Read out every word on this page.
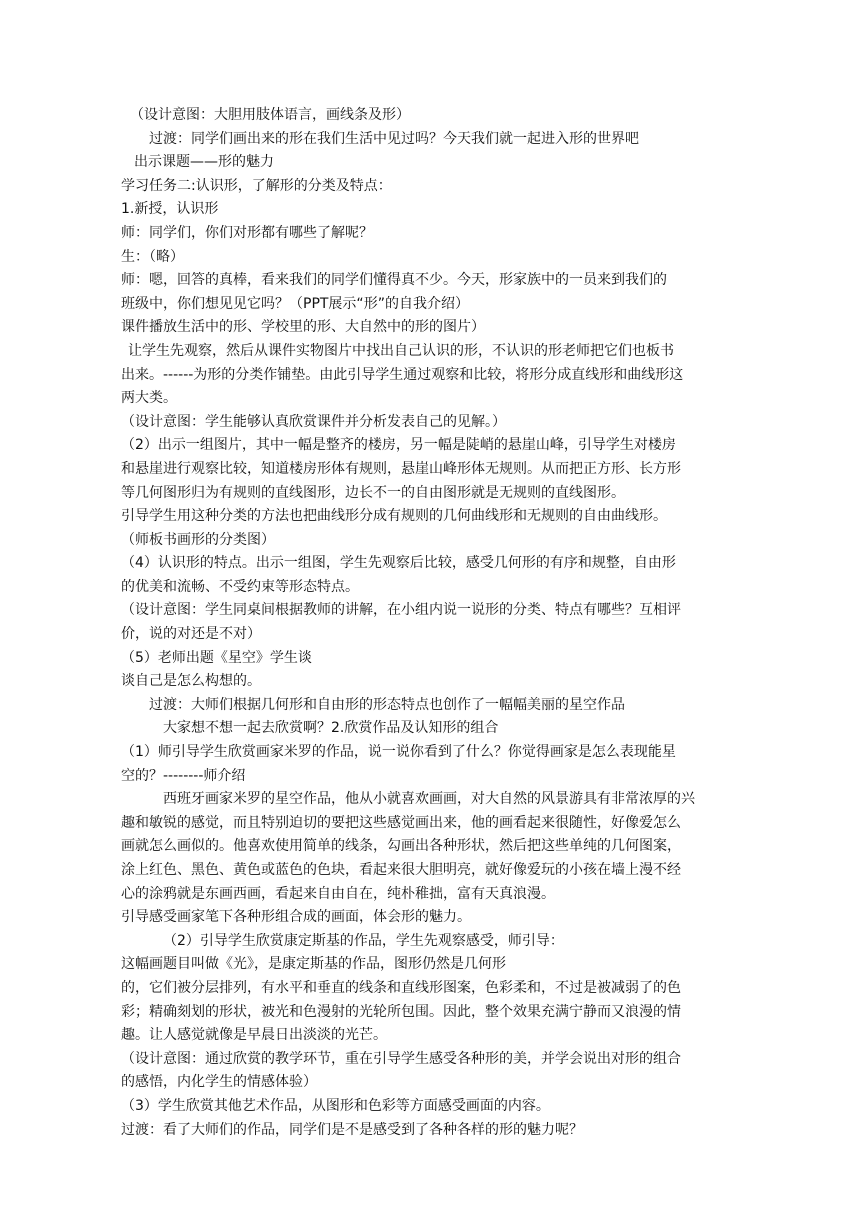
（设计意图：大胆用肢体语言，画线条及形）
过渡：同学们画出来的形在我们生活中见过吗？今天我们就一起进入形的世界吧
出示课题——形的魅力
学习任务二:认识形，了解形的分类及特点：
1.新授，认识形
师：同学们，你们对形都有哪些了解呢？
生：（略）
师：嗯，回答的真棒，看来我们的同学们懂得真不少。今天，形家族中的一员来到我们的
班级中，你们想见见它吗？（PPT展示“形”的自我介绍）
课件播放生活中的形、学校里的形、大自然中的形的图片）
让学生先观察，然后从课件实物图片中找出自己认识的形，不认识的形老师把它们也板书
出来。------为形的分类作铺垫。由此引导学生通过观察和比较，将形分成直线形和曲线形这
两大类。
（设计意图：学生能够认真欣赏课件并分析发表自己的见解。）
（2）出示一组图片，其中一幅是整齐的楼房，另一幅是陡峭的悬崖山峰，引导学生对楼房
和悬崖进行观察比较，知道楼房形体有规则，悬崖山峰形体无规则。从而把正方形、长方形
等几何图形归为有规则的直线图形，边长不一的自由图形就是无规则的直线图形。
引导学生用这种分类的方法也把曲线形分成有规则的几何曲线形和无规则的自由曲线形。
（师板书画形的分类图）
（4）认识形的特点。出示一组图，学生先观察后比较，感受几何形的有序和规整，自由形
的优美和流畅、不受约束等形态特点。
（设计意图：学生同桌间根据教师的讲解，在小组内说一说形的分类、特点有哪些？互相评
价，说的对还是不对）
（5）老师出题《星空》学生谈
谈自己是怎么构想的。
过渡：大师们根据几何形和自由形的形态特点也创作了一幅幅美丽的星空作品
大家想不想一起去欣赏啊？2.欣赏作品及认知形的组合
（1）师引导学生欣赏画家米罗的作品，说一说你看到了什么？你觉得画家是怎么表现能星
空的？--------师介绍
西班牙画家米罗的星空作品，他从小就喜欢画画，对大自然的风景游具有非常浓厚的兴
趣和敏锐的感觉，而且特别迫切的要把这些感觉画出来，他的画看起来很随性，好像爱怎么
画就怎么画似的。他喜欢使用简单的线条，勾画出各种形状，然后把这些单纯的几何图案，
涂上红色、黑色、黄色或蓝色的色块，看起来很大胆明亮，就好像爱玩的小孩在墙上漫不经
心的涂鸦就是东画西画，看起来自由自在，纯朴稚拙，富有天真浪漫。
引导感受画家笔下各种形组合成的画面，体会形的魅力。
（2）引导学生欣赏康定斯基的作品，学生先观察感受，师引导：
这幅画题目叫做《光》，是康定斯基的作品，图形仍然是几何形
的，它们被分层排列，有水平和垂直的线条和直线形图案，色彩柔和，不过是被减弱了的色
彩；精确刻划的形状，被光和色漫射的光轮所包围。因此，整个效果充满宁静而又浪漫的情
趣。让人感觉就像是早晨日出淡淡的光芒。
（设计意图：通过欣赏的教学环节，重在引导学生感受各种形的美，并学会说出对形的组合
的感悟，内化学生的情感体验）
（3）学生欣赏其他艺术作品，从图形和色彩等方面感受画面的内容。
过渡：看了大师们的作品，同学们是不是感受到了各种各样的形的魅力呢？
